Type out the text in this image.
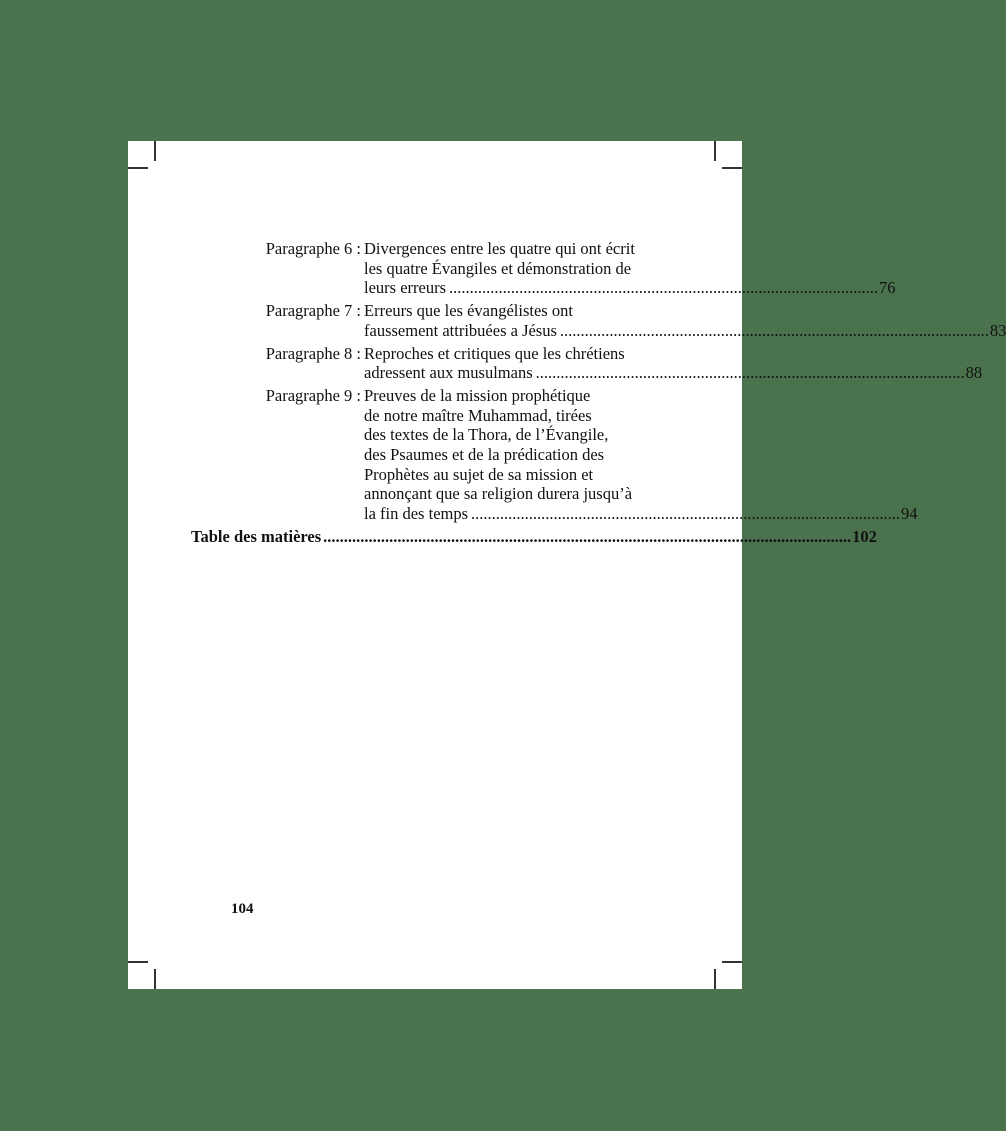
Paragraphe 6 : Divergences entre les quatre qui ont écrit
les quatre Évangiles et démonstration de
leurs erreurs ........................................................................................................ 76
Paragraphe 7 : Erreurs que les évangélistes ont
faussement attribuées a Jésus ........................................................................................................ 83
Paragraphe 8 : Reproches et critiques que les chrétiens
adressent aux musulmans ........................................................................................................ 88
Paragraphe 9 : Preuves de la mission prophétique
de notre maître Muhammad, tirées
des textes de la Thora, de l’Évangile,
des Psaumes et de la prédication des
Prophètes au sujet de sa mission et
annonçant que sa religion durera jusqu’à
la fin des temps ........................................................................................................ 94
Table des matières ................................................................................................................................ 102
104
